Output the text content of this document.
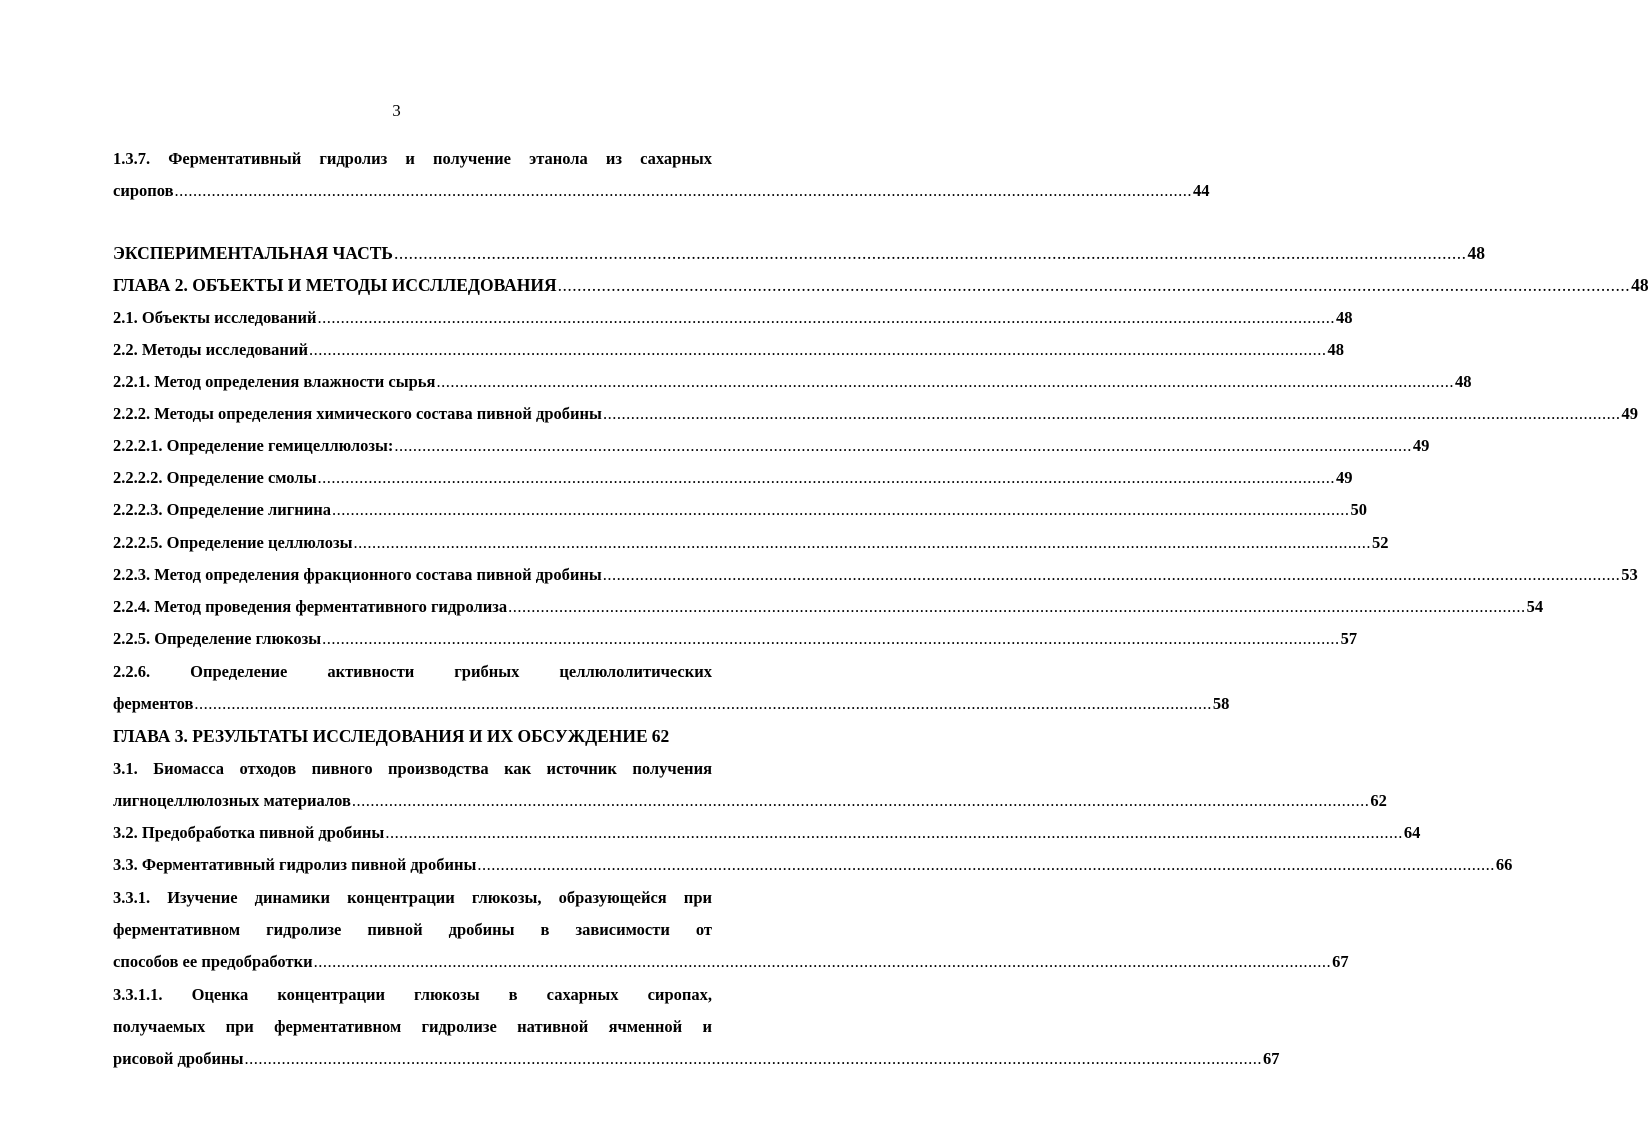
3
1.3.7. Ферментативный гидролиз и получение этанола из сахарных
сиропов ............................................................................................................................................................................................................................ 44
ЭКСПЕРИМЕНТАЛЬНАЯ ЧАСТЬ ............................................................................................................................................................................................................................ 48
ГЛАВА 2. ОБЪЕКТЫ И МЕТОДЫ ИССЛЛЕДОВАНИЯ ............................................................................................................................................................................................................................ 48
2.1. Объекты исследований ............................................................................................................................................................................................................................ 48
2.2. Методы исследований ............................................................................................................................................................................................................................ 48
2.2.1. Метод определения влажности сырья ............................................................................................................................................................................................................................ 48
2.2.2. Методы определения химического состава пивной дробины ............................................................................................................................................................................................................................ 49
2.2.2.1. Определение гемицеллюлозы: ............................................................................................................................................................................................................................ 49
2.2.2.2. Определение смолы ............................................................................................................................................................................................................................ 49
2.2.2.3. Определение лигнина ............................................................................................................................................................................................................................ 50
2.2.2.5. Определение целлюлозы ............................................................................................................................................................................................................................ 52
2.2.3. Метод определения фракционного состава пивной дробины ............................................................................................................................................................................................................................ 53
2.2.4. Метод проведения ферментативного гидролиза ............................................................................................................................................................................................................................ 54
2.2.5. Определение глюкозы ............................................................................................................................................................................................................................ 57
2.2.6. Определение активности грибных целлюлолитических
ферментов ............................................................................................................................................................................................................................ 58
ГЛАВА 3. РЕЗУЛЬТАТЫ ИССЛЕДОВАНИЯ И ИХ ОБСУЖДЕНИЕ 62
3.1. Биомасса отходов пивного производства как источник получения
лигноцеллюлозных материалов ............................................................................................................................................................................................................................ 62
3.2. Предобработка пивной дробины ............................................................................................................................................................................................................................ 64
3.3. Ферментативный гидролиз пивной дробины ............................................................................................................................................................................................................................ 66
3.3.1. Изучение динамики концентрации глюкозы, образующейся при
ферментативном гидролизе пивной дробины в зависимости от
способов ее предобработки ............................................................................................................................................................................................................................ 67
3.3.1.1. Оценка концентрации глюкозы в сахарных сиропах,
получаемых при ферментативном гидролизе нативной ячменной и
рисовой дробины ............................................................................................................................................................................................................................ 67
